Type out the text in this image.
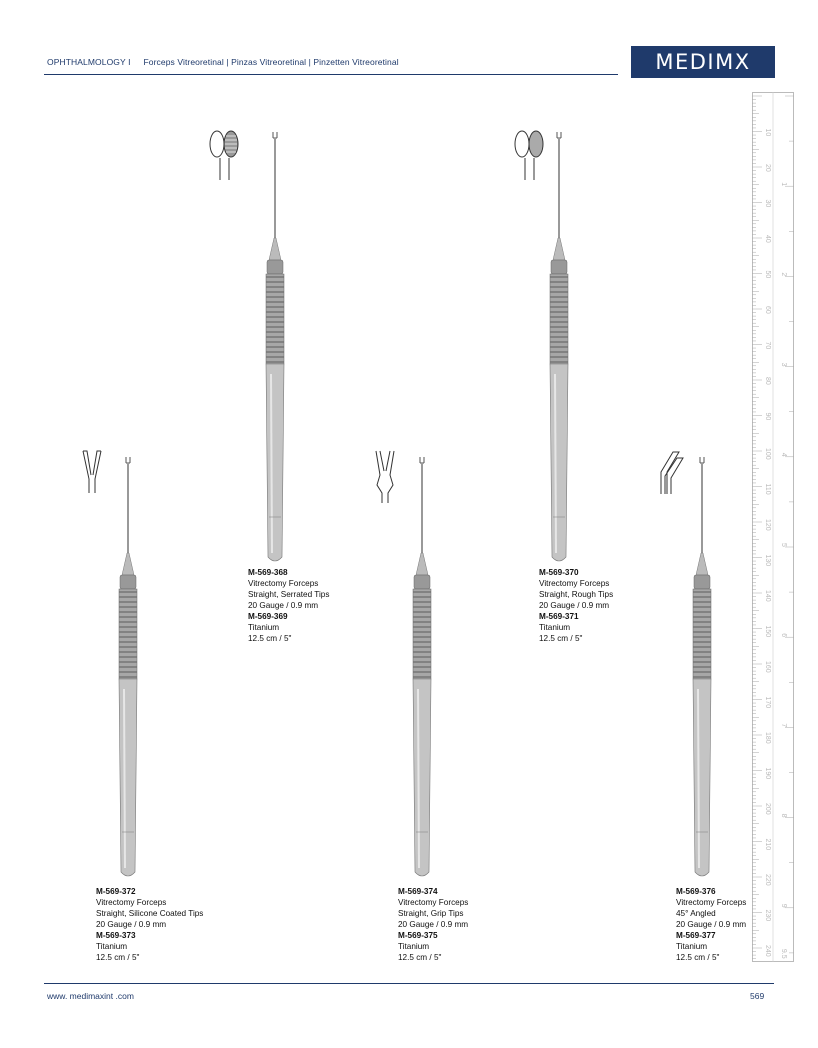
OPHTHALMOLOGY I Forceps Vitreoretinal | Pinzas Vitreoretinal | Pinzetten Vitreoretinal	MEDIMX
10
20
30
40
50
60
70
80
90
100
110
120
130
140
150
160
170
180
190
200
210
220
230
240
1
2
3
4
5
6
7
8
9
9.5
M-569-368
Vitrectomy Forceps
Straight, Serrated Tips
20 Gauge / 0.9 mm
M-569-369
Titanium
12.5 cm / 5"
M-569-370
Vitrectomy Forceps
Straight, Rough Tips
20 Gauge / 0.9 mm
M-569-371
Titanium
12.5 cm / 5"
M-569-372
Vitrectomy Forceps
Straight, Silicone Coated Tips
20 Gauge / 0.9 mm
M-569-373
Titanium
12.5 cm / 5"
M-569-374
Vitrectomy Forceps
Straight, Grip Tips
20 Gauge / 0.9 mm
M-569-375
Titanium
12.5 cm / 5"
M-569-376
Vitrectomy Forceps
45° Angled
20 Gauge / 0.9 mm
M-569-377
Titanium
12.5 cm / 5"
www. medimaxint .com	569
